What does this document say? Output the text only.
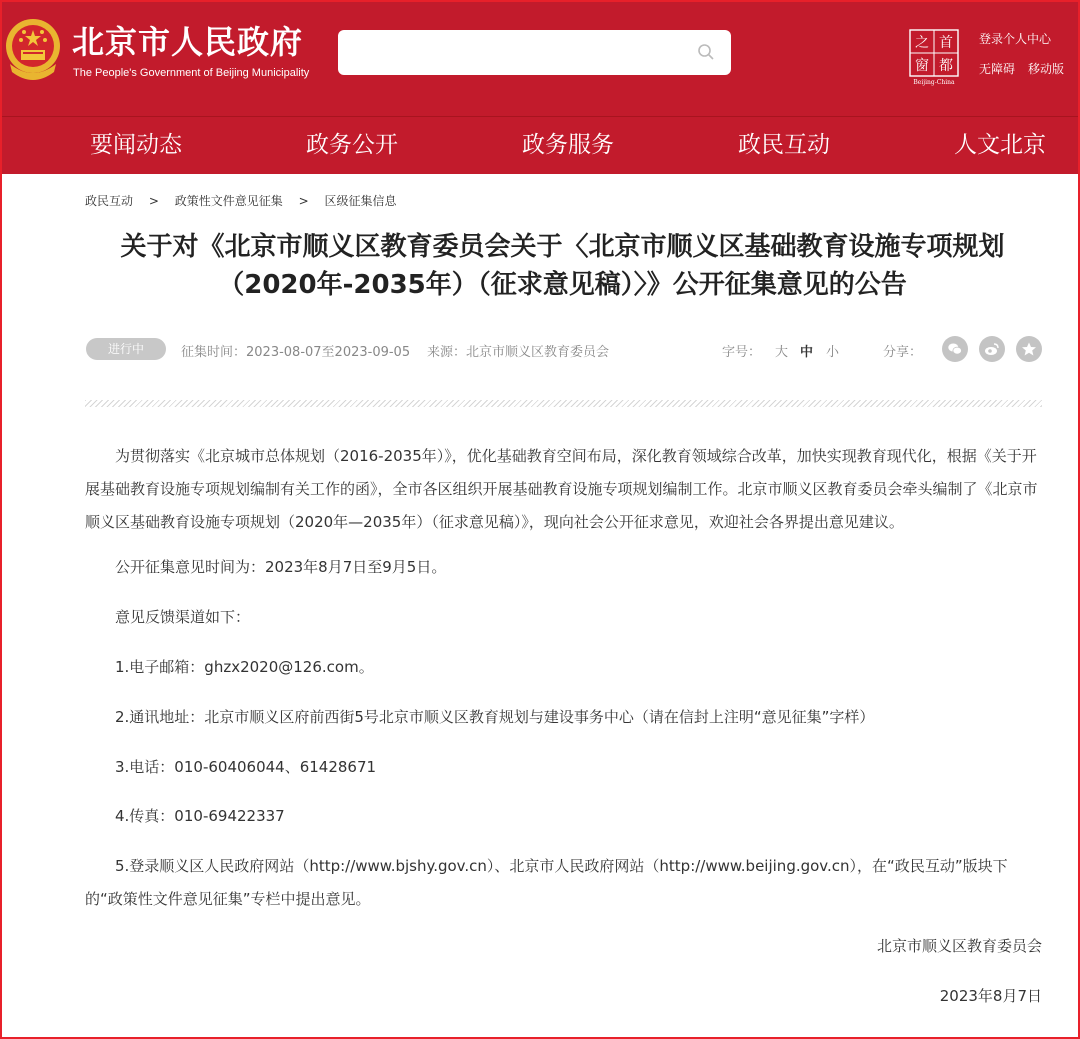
北京市人民政府
The People's Government of Beijing Municipality
之 首
窗 都
Beijing-China
登录个人中心
无障碍 移动版
要闻动态	政务公开	政务服务	政民互动	人文北京
政民互动 > 政策性文件意见征集 > 区级征集信息
关于对《北京市顺义区教育委员会关于〈北京市顺义区基础教育设施专项规划
（2020年-2035年）（征求意见稿）〉》公开征集意见的公告
进行中	征集时间：2023-08-07至2023-09-05 来源：北京市顺义区教育委员会	字号： 大 中 小	分享：
为贯彻落实《北京城市总体规划（2016-2035年）》，优化基础教育空间布局，深化教育领域综合改革，加快实现教育现代化，根据《关于开展基础教育设施专项规划编制有关工作的函》，全市各区组织开展基础教育设施专项规划编制工作。北京市顺义区教育委员会牵头编制了《北京市顺义区基础教育设施专项规划（2020年—2035年）（征求意见稿）》，现向社会公开征求意见，欢迎社会各界提出意见建议。
公开征集意见时间为：2023年8月7日至9月5日。
意见反馈渠道如下：
1.电子邮箱：ghzx2020@126.com。
2.通讯地址：北京市顺义区府前西街5号北京市顺义区教育规划与建设事务中心（请在信封上注明“意见征集”字样）
3.电话：010-60406044、61428671
4.传真：010-69422337
5.登录顺义区人民政府网站（http://www.bjshy.gov.cn）、北京市人民政府网站（http://www.beijing.gov.cn），在“政民互动”版块下的“政策性文件意见征集”专栏中提出意见。
北京市顺义区教育委员会
2023年8月7日
